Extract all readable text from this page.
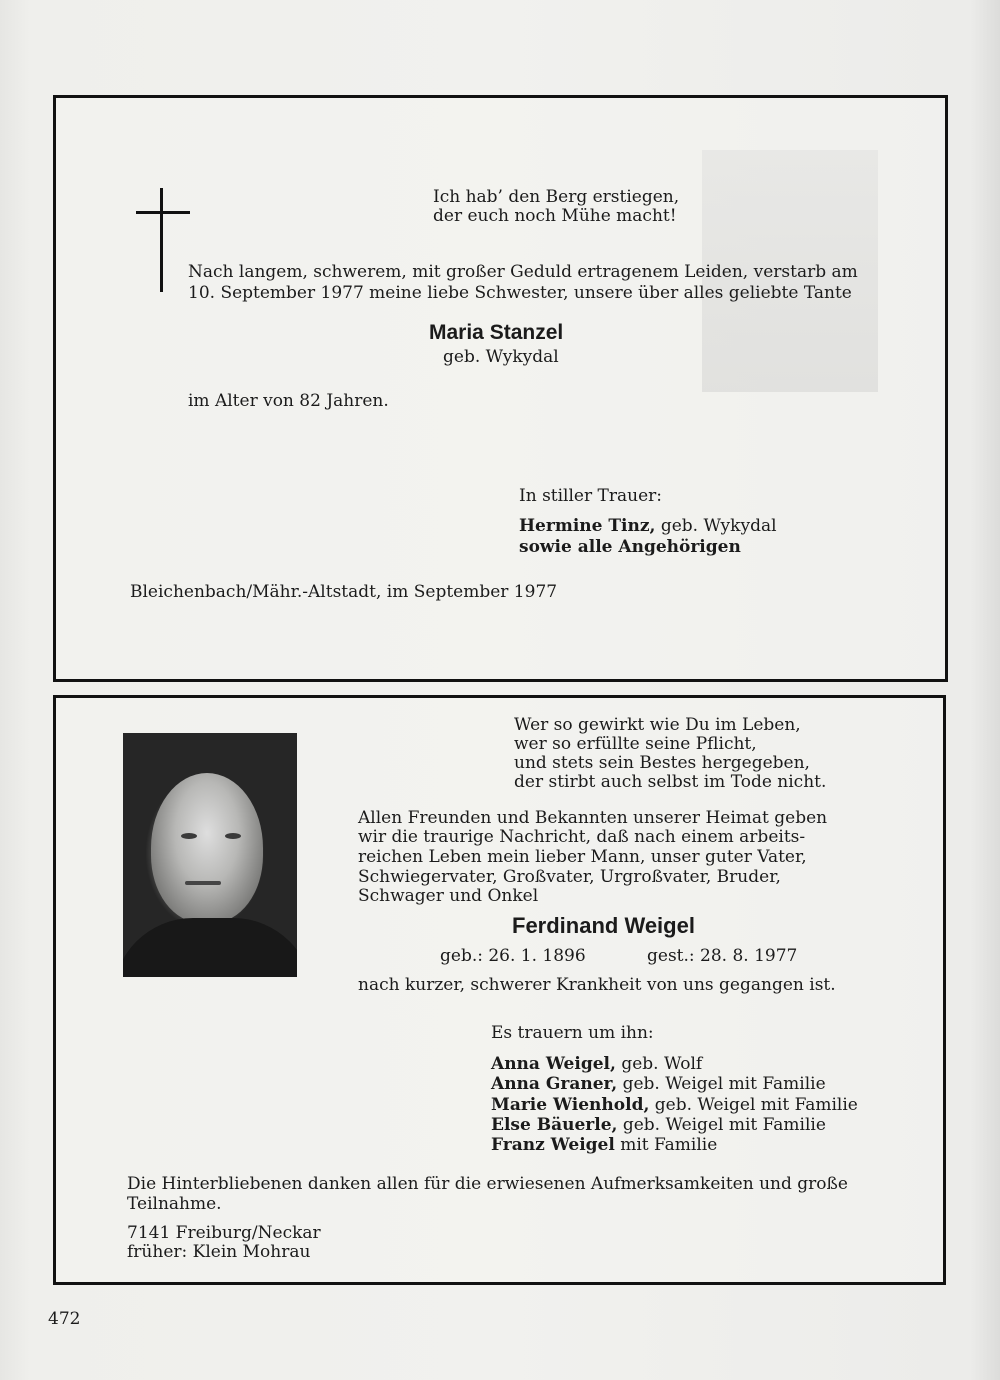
Ich hab’ den Berg erstiegen,
der euch noch Mühe macht!
Nach langem, schwerem, mit großer Geduld ertragenem Leiden, verstarb am
10. September 1977 meine liebe Schwester, unsere über alles geliebte Tante
Maria Stanzel
geb. Wykydal
im Alter von 82 Jahren.
In stiller Trauer:
Hermine Tinz, geb. Wykydal
sowie alle Angehörigen
Bleichenbach/Mähr.-Altstadt, im September 1977
Wer so gewirkt wie Du im Leben,
wer so erfüllte seine Pflicht,
und stets sein Bestes hergegeben,
der stirbt auch selbst im Tode nicht.
Allen Freunden und Bekannten unserer Heimat geben
wir die traurige Nachricht, daß nach einem arbeits-
reichen Leben mein lieber Mann, unser guter Vater,
Schwiegervater, Großvater, Urgroßvater, Bruder,
Schwager und Onkel
Ferdinand Weigel
geb.: 26. 1. 1896	gest.: 28. 8. 1977
nach kurzer, schwerer Krankheit von uns gegangen ist.
Es trauern um ihn:
Anna Weigel, geb. Wolf
Anna Graner, geb. Weigel mit Familie
Marie Wienhold, geb. Weigel mit Familie
Else Bäuerle, geb. Weigel mit Familie
Franz Weigel mit Familie
Die Hinterbliebenen danken allen für die erwiesenen Aufmerksamkeiten und große
Teilnahme.
7141 Freiburg/Neckar
früher: Klein Mohrau
472
